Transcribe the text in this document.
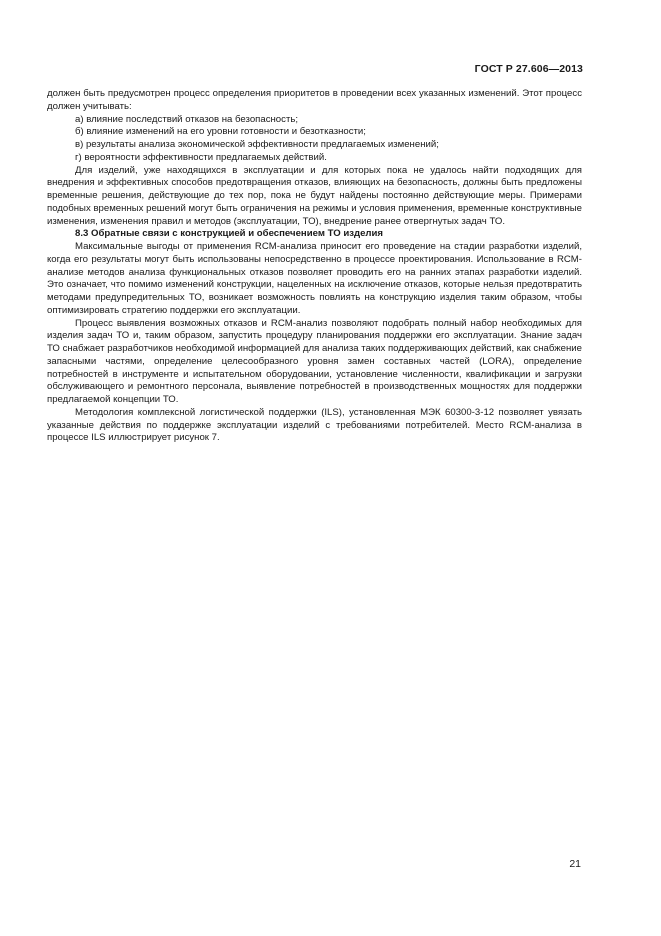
ГОСТ Р 27.606—2013

должен быть предусмотрен процесс определения приоритетов в проведении всех указанных изменений. Этот процесс должен учитывать:

а) влияние последствий отказов на безопасность;

б) влияние изменений на его уровни готовности и безотказности;

в) результаты анализа экономической эффективности предлагаемых изменений;

г) вероятности эффективности предлагаемых действий.

Для изделий, уже находящихся в эксплуатации и для которых пока не удалось найти подходящих для внедрения и эффективных способов предотвращения отказов, влияющих на безопасность, должны быть предложены временные решения, действующие до тех пор, пока не будут найдены постоянно действующие меры. Примерами подобных временных решений могут быть ограничения на режимы и условия применения, временные конструктивные изменения, изменения правил и методов (эксплуатации, ТО), внедрение ранее отвергнутых задач ТО.

8.3 Обратные связи с конструкцией и обеспечением ТО изделия

Максимальные выгоды от применения RCM-анализа приносит его проведение на стадии разработки изделий, когда его результаты могут быть использованы непосредственно в процессе проектирования. Использование в RCM-анализе методов анализа функциональных отказов позволяет проводить его на ранних этапах разработки изделий. Это означает, что помимо изменений конструкции, нацеленных на исключение отказов, которые нельзя предотвратить методами предупредительных ТО, возникает возможность повлиять на конструкцию изделия таким образом, чтобы оптимизировать стратегию поддержки его эксплуатации.

Процесс выявления возможных отказов и RCM-анализ позволяют подобрать полный набор необходимых для изделия задач ТО и, таким образом, запустить процедуру планирования поддержки его эксплуатации. Знание задач ТО снабжает разработчиков необходимой информацией для анализа таких поддерживающих действий, как снабжение запасными частями, определение целесообразного уровня замен составных частей (LORA), определение потребностей в инструменте и испытательном оборудовании, установление численности, квалификации и загрузки обслуживающего и ремонтного персонала, выявление потребностей в производственных мощностях для поддержки предлагаемой концепции ТО.

Методология комплексной логистической поддержки (ILS), установленная МЭК 60300-3-12 позволяет увязать указанные действия по поддержке эксплуатации изделий с требованиями потребителей. Место RCM-анализа в процессе ILS иллюстрирует рисунок 7.

21
